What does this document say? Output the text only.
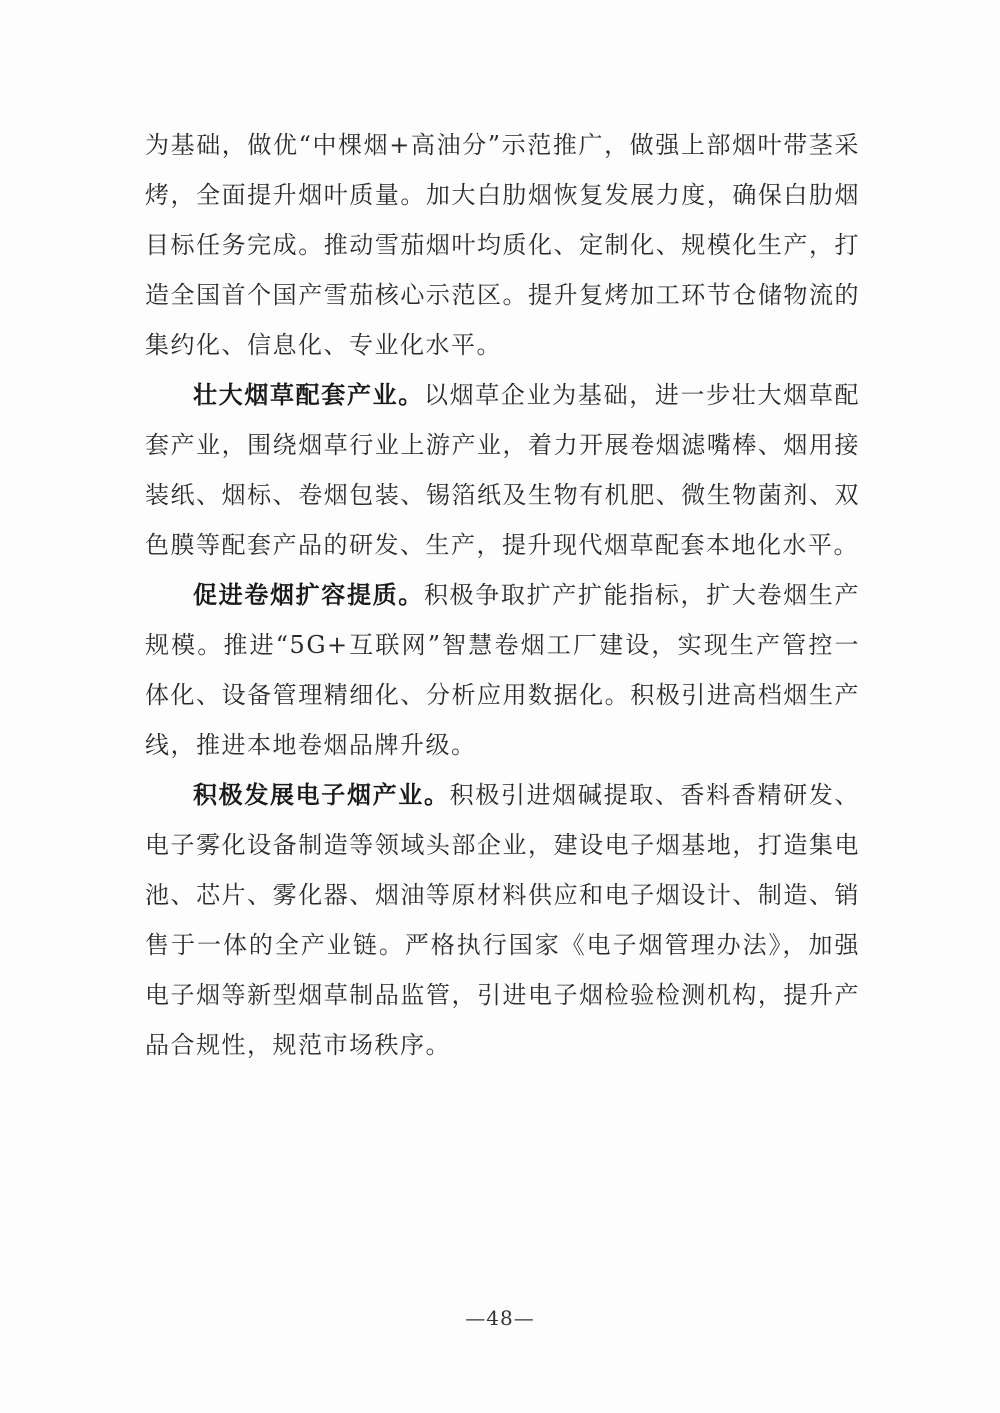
为基础，做优“中棵烟+高油分”示范推广，做强上部烟叶带茎采烤，全面提升烟叶质量。加大白肋烟恢复发展力度，确保白肋烟目标任务完成。推动雪茄烟叶均质化、定制化、规模化生产，打造全国首个国产雪茄核心示范区。提升复烤加工环节仓储物流的集约化、信息化、专业化水平。

壮大烟草配套产业。以烟草企业为基础，进一步壮大烟草配套产业，围绕烟草行业上游产业，着力开展卷烟滤嘴棒、烟用接装纸、烟标、卷烟包装、锡箔纸及生物有机肥、微生物菌剂、双色膜等配套产品的研发、生产，提升现代烟草配套本地化水平。

促进卷烟扩容提质。积极争取扩产扩能指标，扩大卷烟生产规模。推进“5G+互联网”智慧卷烟工厂建设，实现生产管控一体化、设备管理精细化、分析应用数据化。积极引进高档烟生产线，推进本地卷烟品牌升级。

积极发展电子烟产业。积极引进烟碱提取、香料香精研发、电子雾化设备制造等领域头部企业，建设电子烟基地，打造集电池、芯片、雾化器、烟油等原材料供应和电子烟设计、制造、销售于一体的全产业链。严格执行国家《电子烟管理办法》，加强电子烟等新型烟草制品监管，引进电子烟检验检测机构，提升产品合规性，规范市场秩序。

—48—
